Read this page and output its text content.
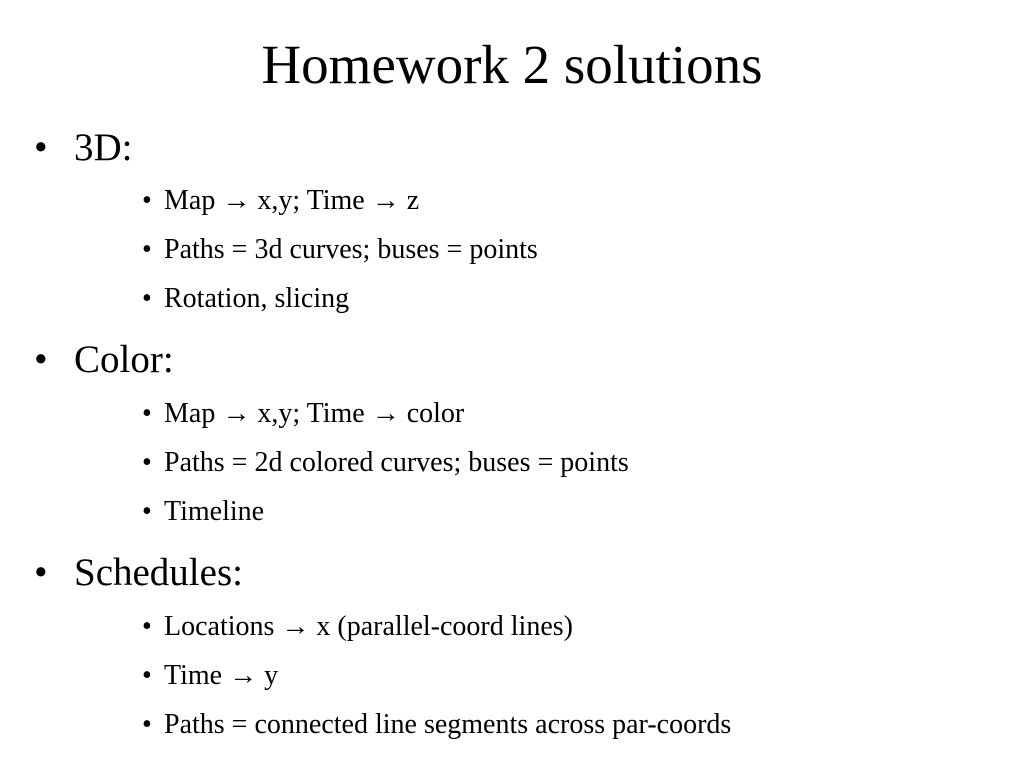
Homework 2 solutions
• 3D:
• Map → x,y; Time → z
• Paths = 3d curves; buses = points
• Rotation, slicing
• Color:
• Map → x,y; Time → color
• Paths = 2d colored curves; buses = points
• Timeline
• Schedules:
• Locations → x (parallel-coord lines)
• Time → y
• Paths = connected line segments across par-coords
